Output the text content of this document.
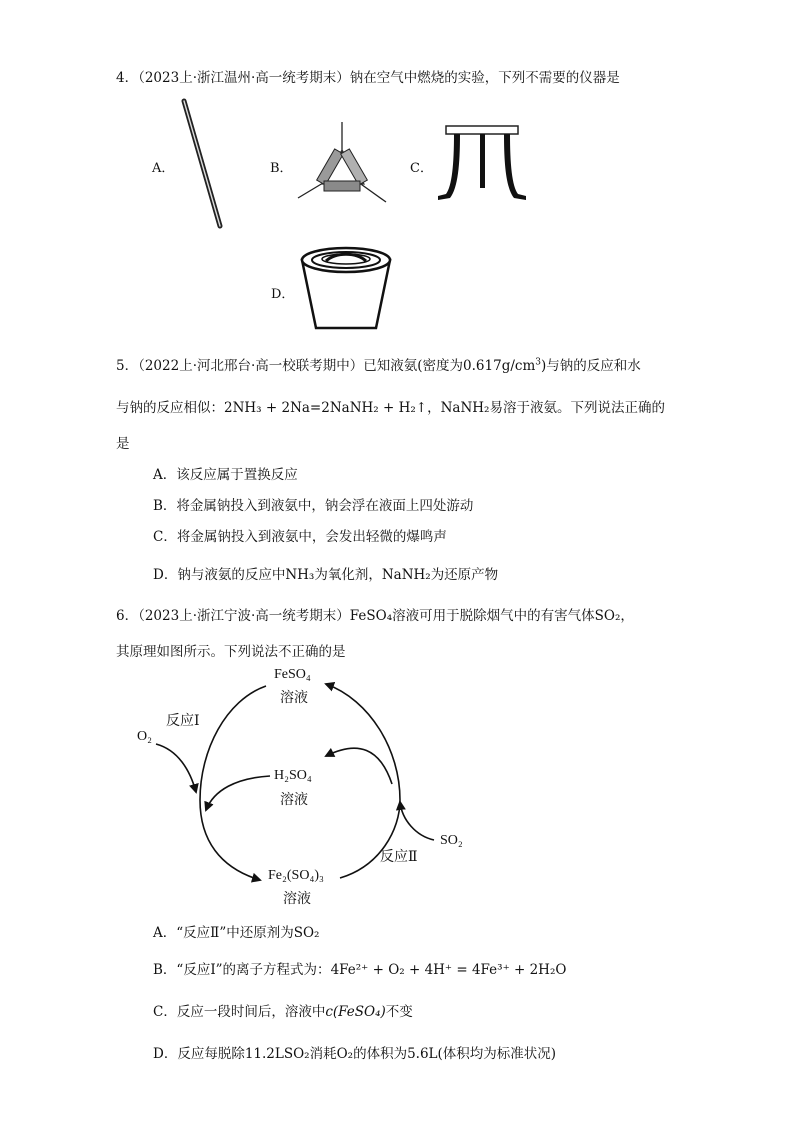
4．（2023上·浙江温州·高一统考期末）钠在空气中燃烧的实验，下列不需要的仪器是
A．	B．	C．
D．
5．（2022上·河北邢台·高一校联考期中）已知液氨(密度为$0.617g/cm^3$)与钠的反应和水
与钠的反应相似：2NH₃ + 2Na=2NaNH₂ + H₂↑，NaNH₂易溶于液氨。下列说法正确的
是
A．该反应属于置换反应
B．将金属钠投入到液氨中，钠会浮在液面上四处游动
C．将金属钠投入到液氨中，会发出轻微的爆鸣声
D．钠与液氨的反应中NH₃为氧化剂，NaNH₂为还原产物
6．（2023上·浙江宁波·高一统考期末）FeSO₄溶液可用于脱除烟气中的有害气体SO₂，
其原理如图所示。下列说法不正确的是
FeSO₄
溶液
反应Ⅰ
O₂
H₂SO₄
溶液
SO₂
反应Ⅱ
Fe₂(SO₄)₃
溶液
A．“反应Ⅱ”中还原剂为SO₂
B．“反应Ⅰ”的离子方程式为：4Fe²⁺ + O₂ + 4H⁺ = 4Fe³⁺ + 2H₂O
C．反应一段时间后，溶液中c(FeSO₄)不变
D．反应每脱除11.2LSO₂消耗O₂的体积为5.6L(体积均为标准状况)
